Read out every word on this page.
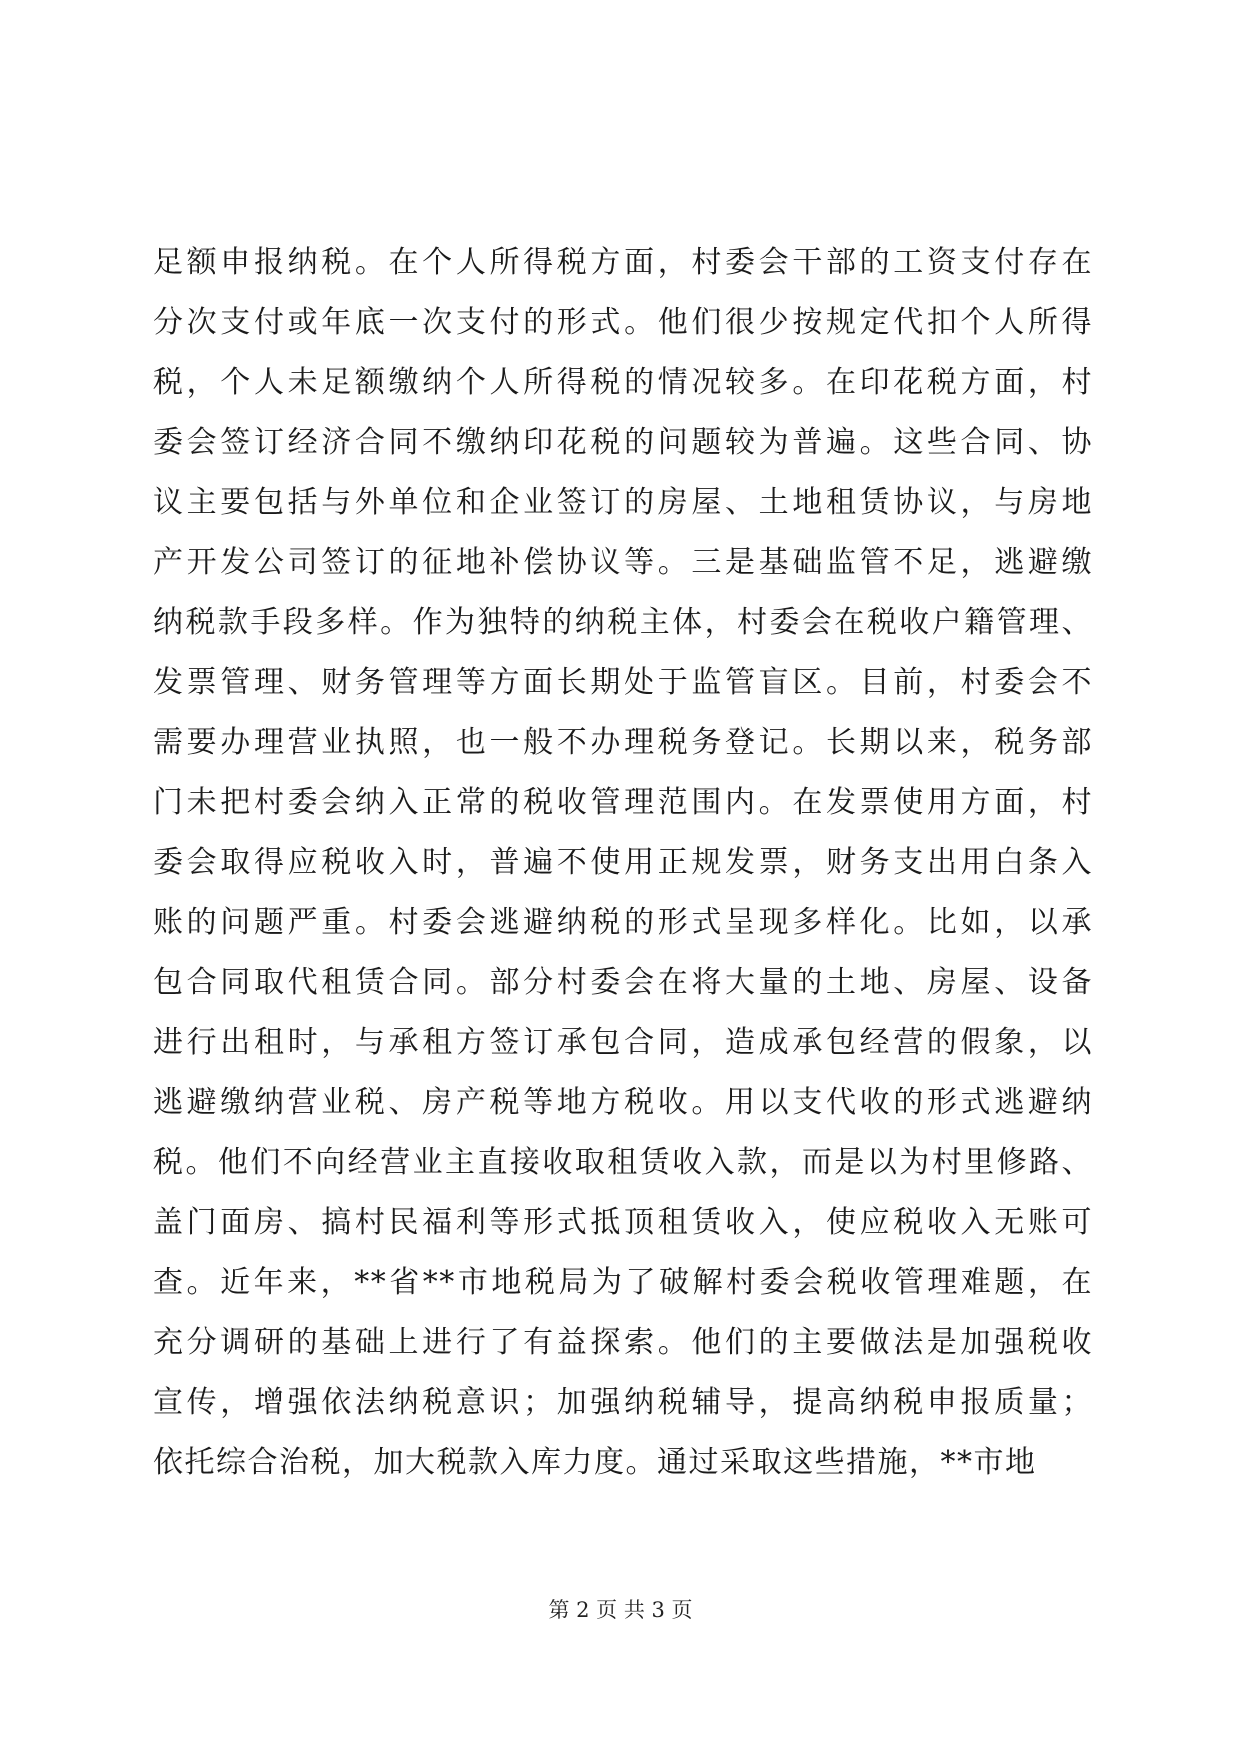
足额申报纳税。在个人所得税方面，村委会干部的工资支付存在
分次支付或年底一次支付的形式。他们很少按规定代扣个人所得
税，个人未足额缴纳个人所得税的情况较多。在印花税方面，村
委会签订经济合同不缴纳印花税的问题较为普遍。这些合同、协
议主要包括与外单位和企业签订的房屋、土地租赁协议，与房地
产开发公司签订的征地补偿协议等。三是基础监管不足，逃避缴
纳税款手段多样。作为独特的纳税主体，村委会在税收户籍管理、
发票管理、财务管理等方面长期处于监管盲区。目前，村委会不
需要办理营业执照，也一般不办理税务登记。长期以来，税务部
门未把村委会纳入正常的税收管理范围内。在发票使用方面，村
委会取得应税收入时，普遍不使用正规发票，财务支出用白条入
账的问题严重。村委会逃避纳税的形式呈现多样化。比如，以承
包合同取代租赁合同。部分村委会在将大量的土地、房屋、设备
进行出租时，与承租方签订承包合同，造成承包经营的假象，以
逃避缴纳营业税、房产税等地方税收。用以支代收的形式逃避纳
税。他们不向经营业主直接收取租赁收入款，而是以为村里修路、
盖门面房、搞村民福利等形式抵顶租赁收入，使应税收入无账可
查。近年来，**省**市地税局为了破解村委会税收管理难题，在
充分调研的基础上进行了有益探索。他们的主要做法是加强税收
宣传，增强依法纳税意识；加强纳税辅导，提高纳税申报质量；
依托综合治税，加大税款入库力度。通过采取这些措施，**市地
第 2 页 共 3 页
